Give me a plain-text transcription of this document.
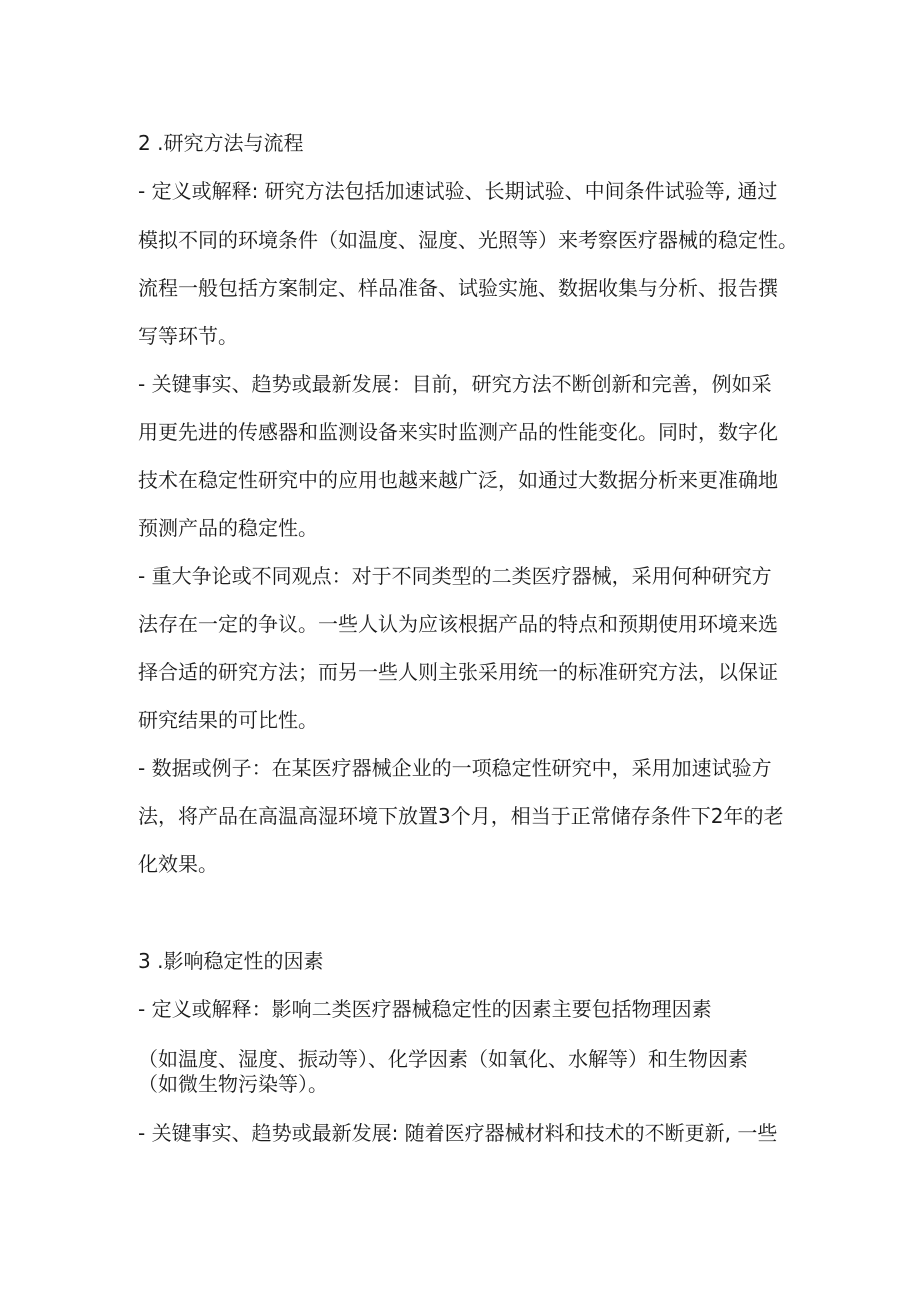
2 .研究方法与流程
- 定义或解释: 研究方法包括加速试验、长期试验、中间条件试验等, 通过
模拟不同的环境条件（如温度、湿度、光照等）来考察医疗器械的稳定性。
流程一般包括方案制定、样品准备、试验实施、数据收集与分析、报告撰
写等环节。
- 关键事实、趋势或最新发展：目前，研究方法不断创新和完善，例如采
用更先进的传感器和监测设备来实时监测产品的性能变化。同时，数字化
技术在稳定性研究中的应用也越来越广泛，如通过大数据分析来更准确地
预测产品的稳定性。
- 重大争论或不同观点：对于不同类型的二类医疗器械，采用何种研究方
法存在一定的争议。一些人认为应该根据产品的特点和预期使用环境来选
择合适的研究方法；而另一些人则主张采用统一的标准研究方法，以保证
研究结果的可比性。
- 数据或例子：在某医疗器械企业的一项稳定性研究中，采用加速试验方
法，将产品在高温高湿环境下放置3个月，相当于正常储存条件下2年的老
化效果。
3 .影响稳定性的因素
- 定义或解释：影响二类医疗器械稳定性的因素主要包括物理因素
（如温度、湿度、振动等）、化学因素（如氧化、水解等）和生物因素
（如微生物污染等）。
- 关键事实、趋势或最新发展: 随着医疗器械材料和技术的不断更新, 一些
